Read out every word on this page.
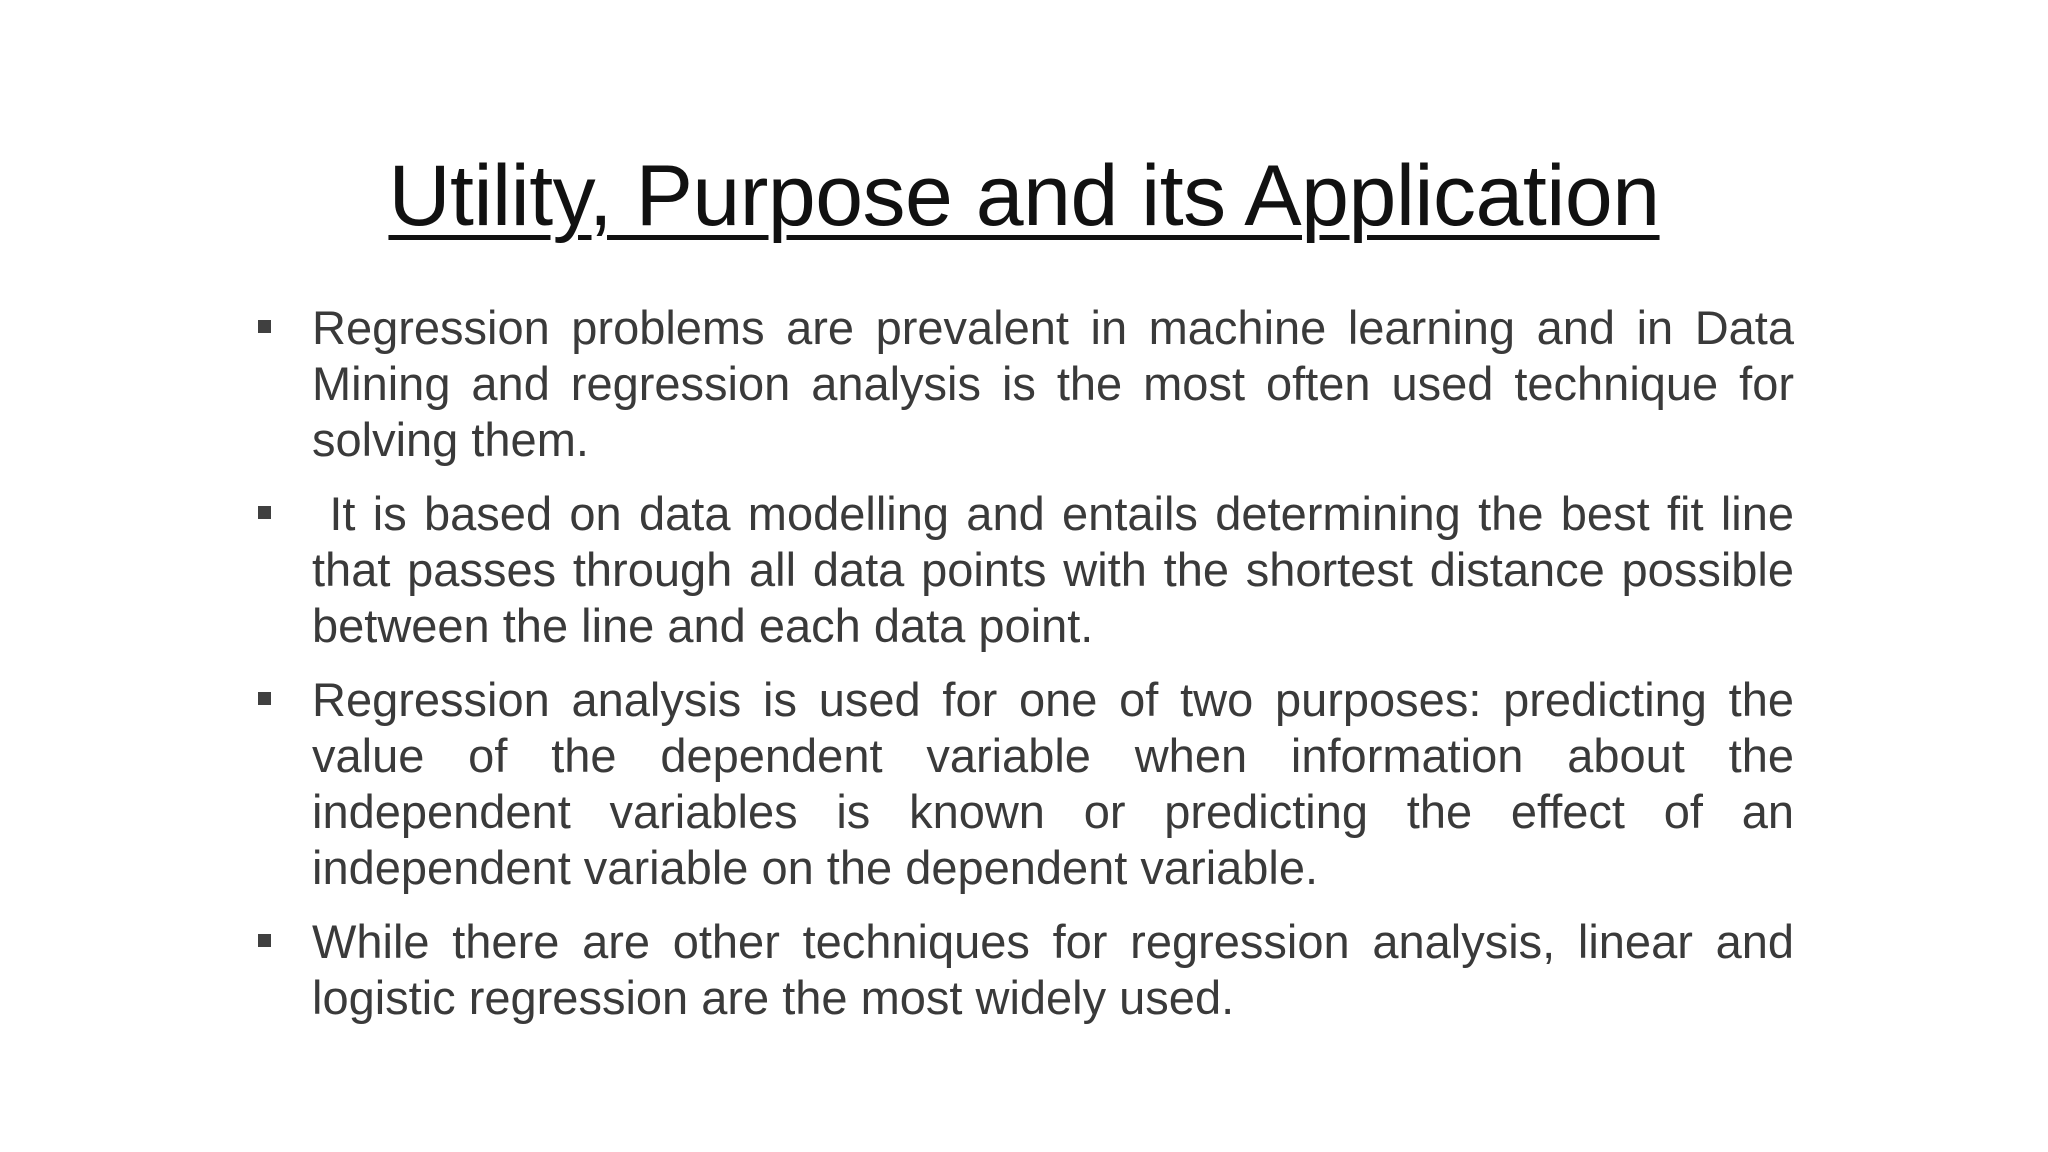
Utility, Purpose and its Application
Regression problems are prevalent in machine learning and in Data Mining and regression analysis is the most often used technique for solving them.
It is based on data modelling and entails determining the best fit line that passes through all data points with the shortest distance possible between the line and each data point.
Regression analysis is used for one of two purposes: predicting the value of the dependent variable when information about the independent variables is known or predicting the effect of an independent variable on the dependent variable.
While there are other techniques for regression analysis, linear and logistic regression are the most widely used.
